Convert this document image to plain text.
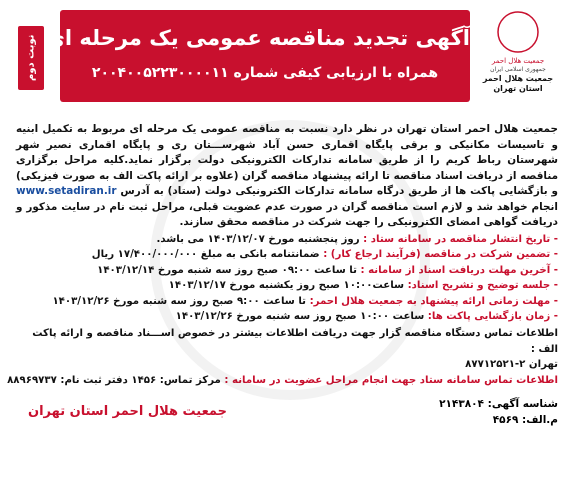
نوبت دوم آگهی تجدید مناقصه عمومی یک مرحله ای
همراه با ارزیابی کیفی شماره ۲۰۰۴۰۰۵۲۲۳۰۰۰۰۱۱
جمعیت هلال احمر
جمهوری اسلامی ایران
جمعیت هلال احمر
استان تهران
جمعیت هلال احمر استان تهران در نظر دارد نسبت به مناقصه عمومی یک مرحله ای مربوط به تکمیل ابنیه و تاسیسات مکانیکی و برقی پایگاه اقماری حسن آباد شهرســـتان ری و پایگاه اقماری نصیر شهر شهرستان رباط کریم را از طریق سامانه تدارکات الکترونیکی دولت برگزار نماید.کلیه مراحل برگزاری مناقصه از دریافت اسناد مناقصه تا ارائه پیشنهاد مناقصه گران (علاوه بر ارائه پاکت الف به صورت فیزیکی) و بازگشایی پاکت ها از طریق درگاه سامانه تدارکات الکترونیکی دولت (ستاد) به آدرس www.setadiran.ir انجام خواهد شد و لازم است مناقصه گران در صورت عدم عضویت قبلی، مراحل ثبت نام در سایت مذکور و دریافت گواهی امضای الکترونیکی را جهت شرکت در مناقصه محقق سازند.
- تاریخ انتشار مناقصه در سامانه ستاد : روز پنجشنبه مورخ ۱۴۰۳/۱۲/۰۷ می باشد.
- تضمین شرکت در مناقصه (فرآیند ارجاع کار) : ضمانتنامه بانکی به مبلغ ۱۷/۴۰۰/۰۰۰/۰۰۰ ریال
- آخرین مهلت دریافت اسناد از سامانه : تا ساعت ۰۹:۰۰ صبح روز سه شنبه مورخ ۱۴۰۳/۱۲/۱۴
- جلسه توضیح و تشریح اسناد: ساعت۱۰:۰۰ صبح روز یکشنبه مورخ ۱۴۰۳/۱۲/۱۷
- مهلت زمانی ارائه پیشنهاد به جمعیت هلال احمر: تا ساعت ۹:۰۰ صبح روز سه شنبه مورخ ۱۴۰۳/۱۲/۲۶
- زمان بازگشایی پاکت ها: ساعت ۱۰:۰۰ صبح روز سه شنبه مورخ ۱۴۰۳/۱۲/۲۶
اطلاعات تماس دستگاه مناقصه گزار جهت دریافت اطلاعات بیشتر در خصوص اســـناد مناقصه و ارائه پاکت الف :
تهران ۲-۸۷۷۱۲۵۲۱
اطلاعات تماس سامانه ستاد جهت انجام مراحل عضویت در سامانه : مرکز تماس: ۱۴۵۶ دفتر ثبت نام: ۸۸۹۶۹۷۳۷
شناسه آگهی: ۲۱۴۳۸۰۴
م.الف: ۴۵۶۹
جمعیت هلال احمر استان تهران
